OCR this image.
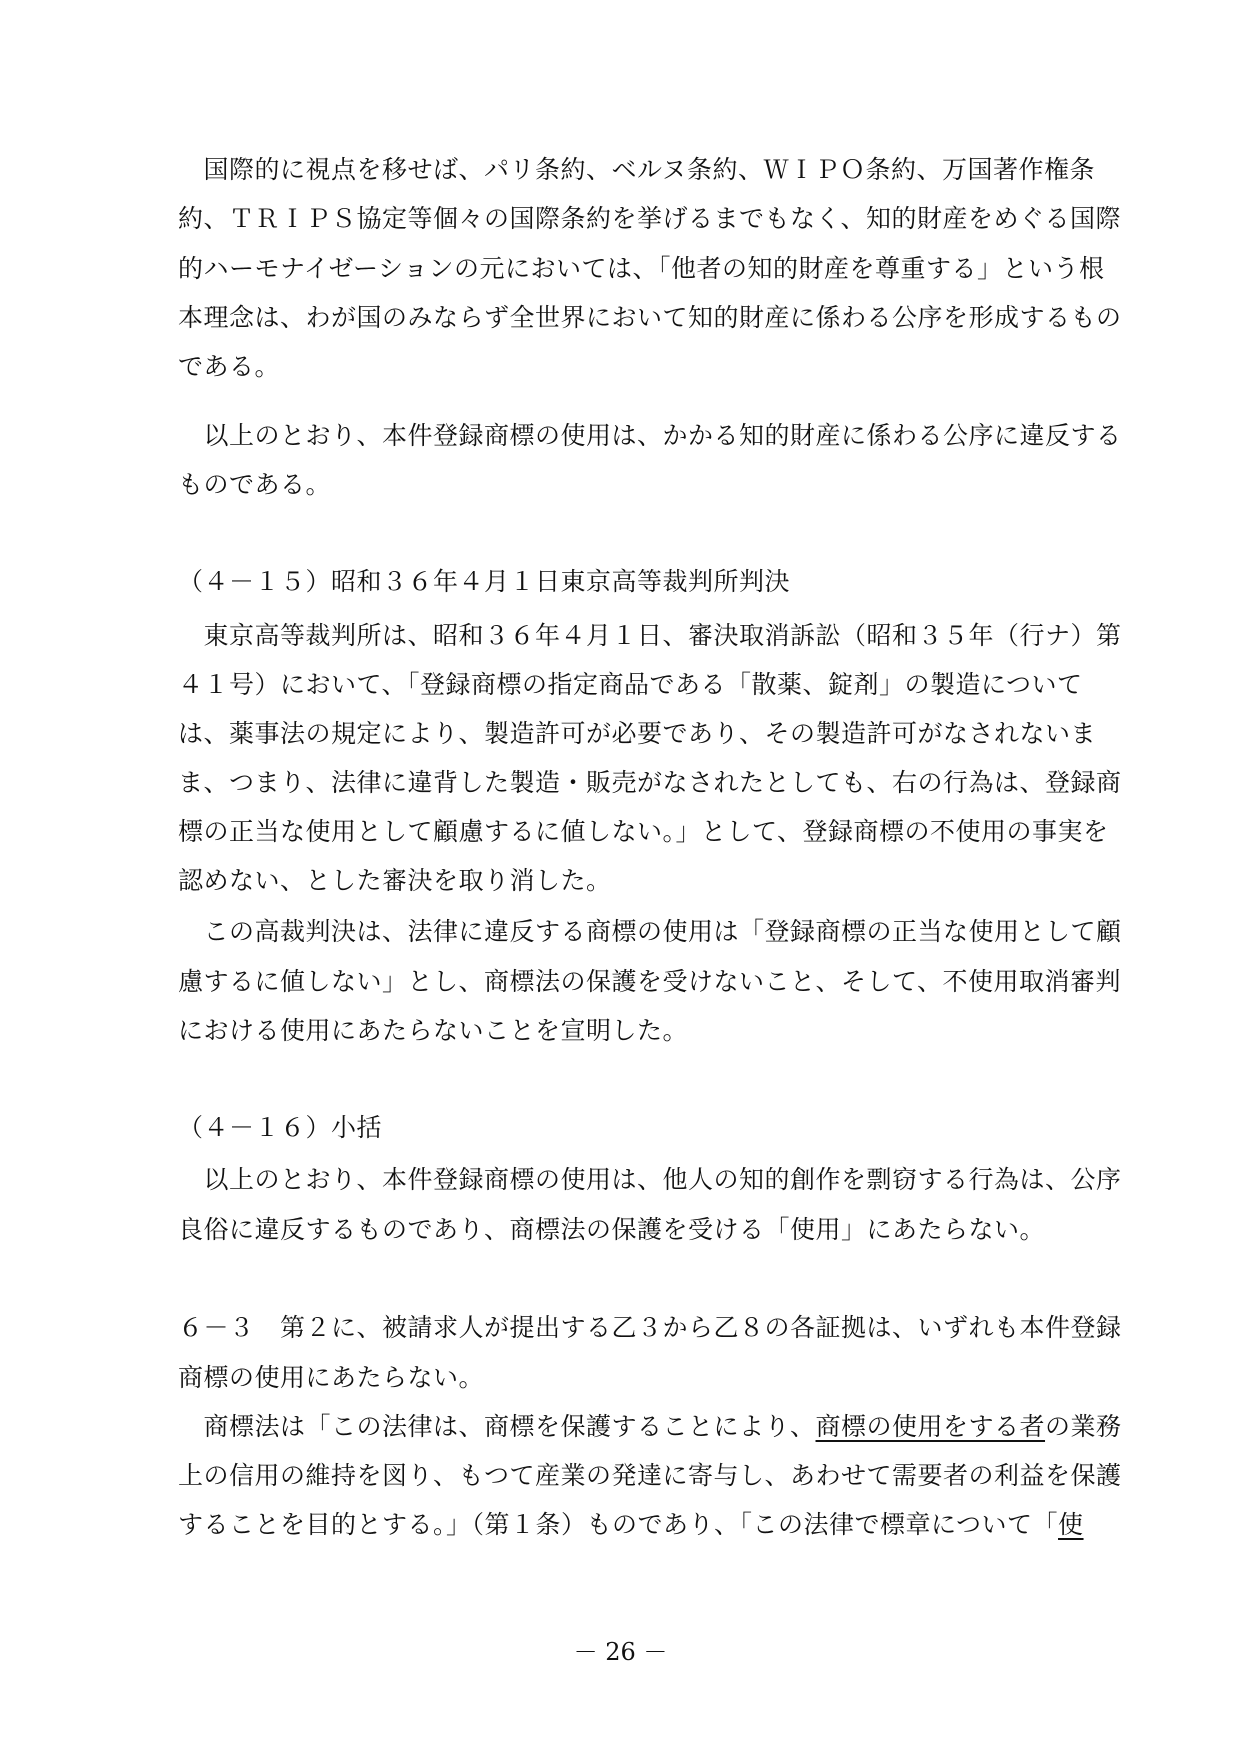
　国際的に視点を移せば、パリ条約、ベルヌ条約、ＷＩＰＯ条約、万国著作権条
約、ＴＲＩＰＳ協定等個々の国際条約を挙げるまでもなく、知的財産をめぐる国際
的ハーモナイゼーションの元においては、「他者の知的財産を尊重する」という根
本理念は、わが国のみならず全世界において知的財産に係わる公序を形成するもの
である。
　以上のとおり、本件登録商標の使用は、かかる知的財産に係わる公序に違反する
ものである。
（４－１５）昭和３６年４月１日東京高等裁判所判決
　東京高等裁判所は、昭和３６年４月１日、審決取消訴訟（昭和３５年（行ナ）第
４１号）において、「登録商標の指定商品である「散薬、錠剤」の製造について
は、薬事法の規定により、製造許可が必要であり、その製造許可がなされないま
ま、つまり、法律に違背した製造・販売がなされたとしても、右の行為は、登録商
標の正当な使用として顧慮するに値しない。」として、登録商標の不使用の事実を
認めない、とした審決を取り消した。
　この高裁判決は、法律に違反する商標の使用は「登録商標の正当な使用として顧
慮するに値しない」とし、商標法の保護を受けないこと、そして、不使用取消審判
における使用にあたらないことを宣明した。
（４－１６）小括
　以上のとおり、本件登録商標の使用は、他人の知的創作を剽窃する行為は、公序
良俗に違反するものであり、商標法の保護を受ける「使用」にあたらない。
６－３　第２に、被請求人が提出する乙３から乙８の各証拠は、いずれも本件登録
商標の使用にあたらない。
　商標法は「この法律は、商標を保護することにより、商標の使用をする者の業務
上の信用の維持を図り、もつて産業の発達に寄与し、あわせて需要者の利益を保護
することを目的とする。」（第１条）ものであり、「この法律で標章について「使
－ 26 －
